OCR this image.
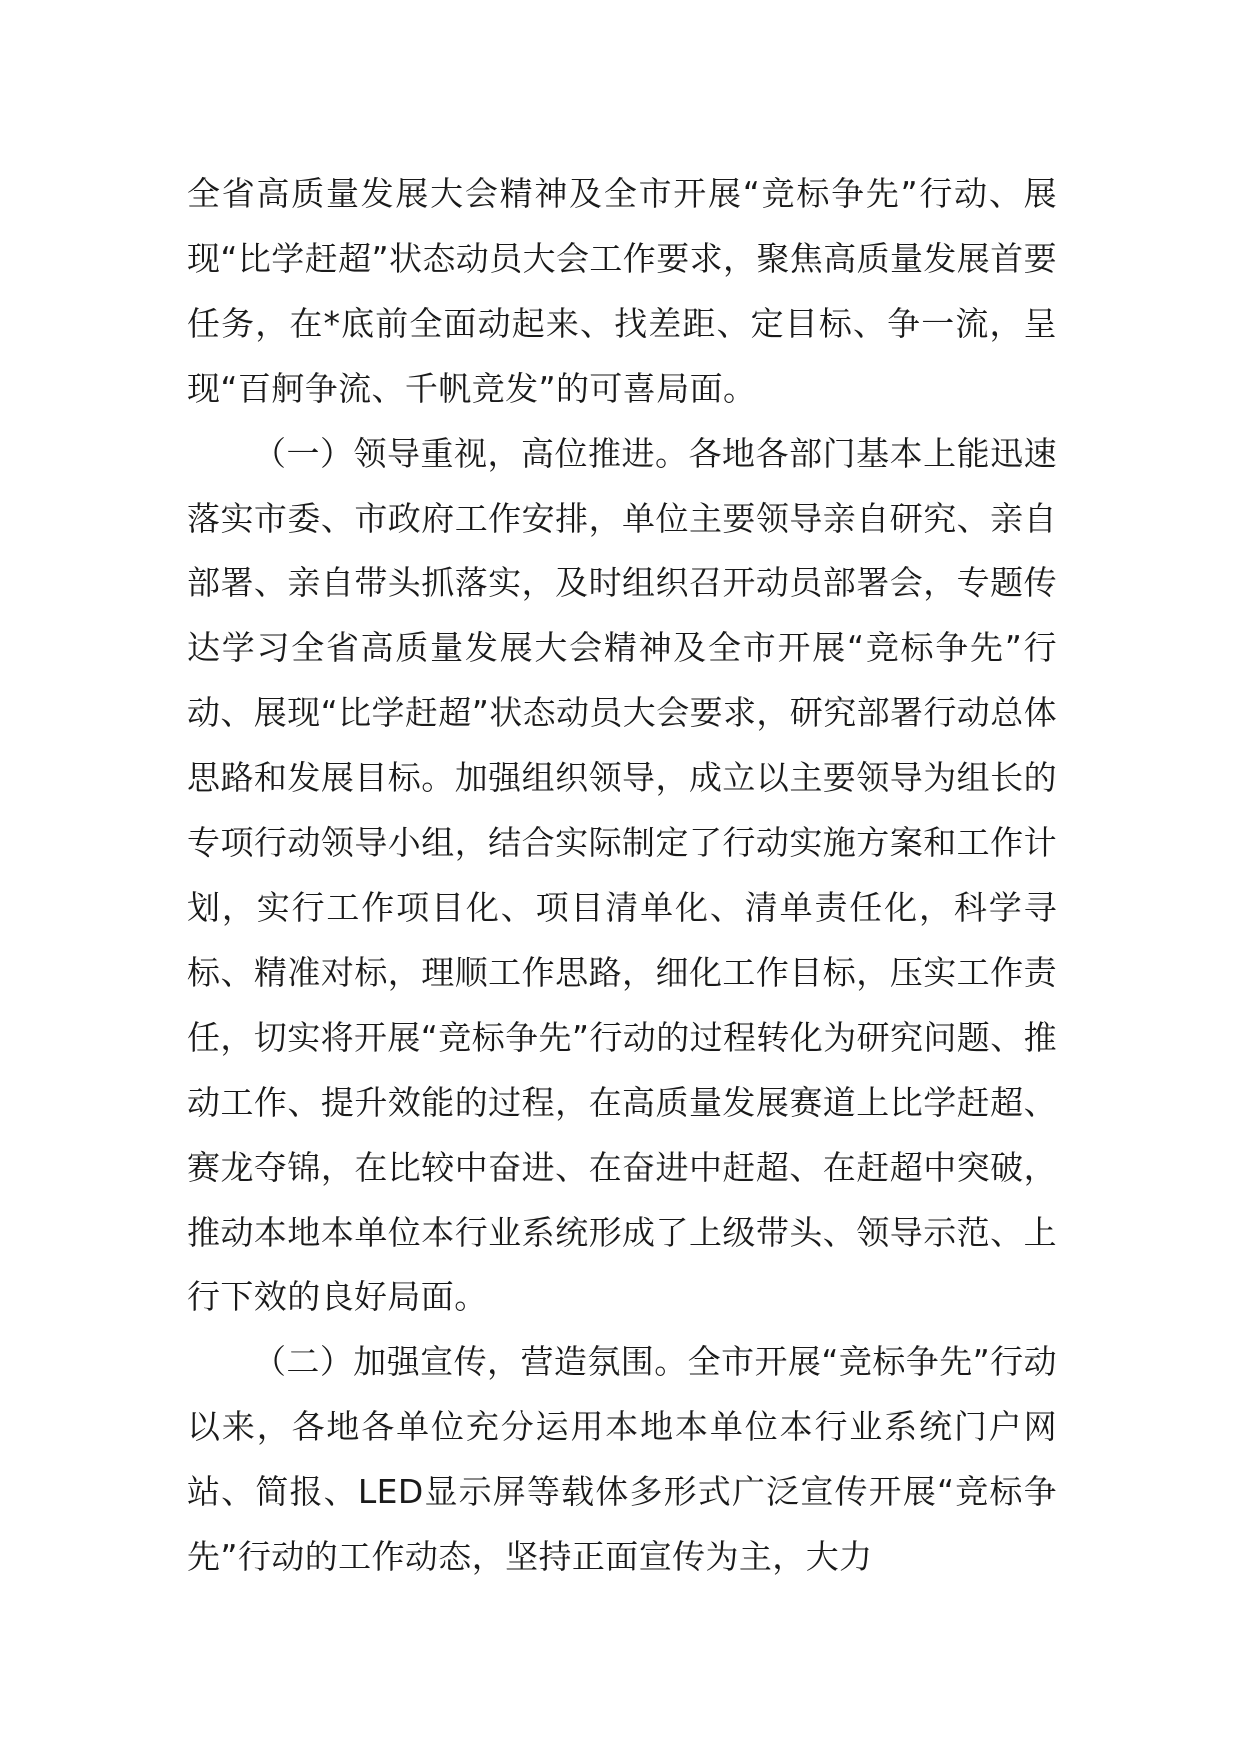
全省高质量发展大会精神及全市开展“竞标争先”行动、展现“比学赶超”状态动员大会工作要求，聚焦高质量发展首要任务，在*底前全面动起来、找差距、定目标、争一流，呈现“百舸争流、千帆竞发”的可喜局面。

（一）领导重视，高位推进。各地各部门基本上能迅速落实市委、市政府工作安排，单位主要领导亲自研究、亲自部署、亲自带头抓落实，及时组织召开动员部署会，专题传达学习全省高质量发展大会精神及全市开展“竞标争先”行动、展现“比学赶超”状态动员大会要求，研究部署行动总体思路和发展目标。加强组织领导，成立以主要领导为组长的专项行动领导小组，结合实际制定了行动实施方案和工作计划，实行工作项目化、项目清单化、清单责任化，科学寻标、精准对标，理顺工作思路，细化工作目标，压实工作责任，切实将开展“竞标争先”行动的过程转化为研究问题、推动工作、提升效能的过程，在高质量发展赛道上比学赶超、赛龙夺锦，在比较中奋进、在奋进中赶超、在赶超中突破，推动本地本单位本行业系统形成了上级带头、领导示范、上行下效的良好局面。

（二）加强宣传，营造氛围。全市开展“竞标争先”行动以来，各地各单位充分运用本地本单位本行业系统门户网站、简报、LED显示屏等载体多形式广泛宣传开展“竞标争先”行动的工作动态，坚持正面宣传为主，大力
